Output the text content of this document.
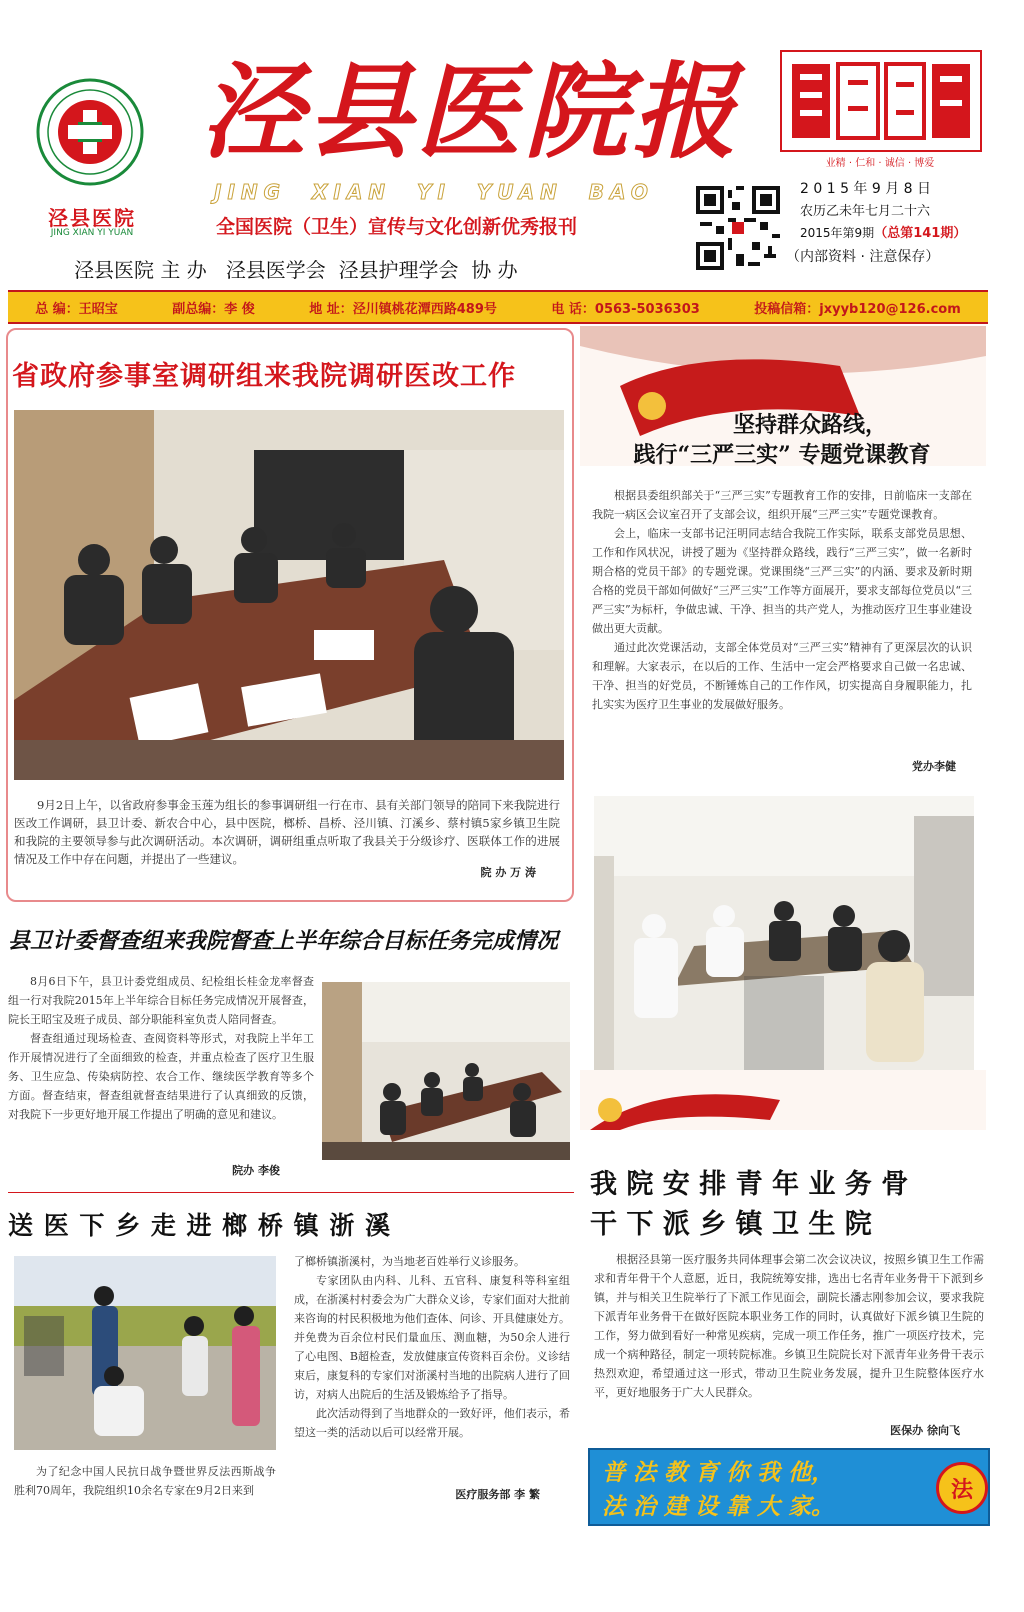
泾县医院
JING XIAN YI YUAN
泾县医院报
JING  XIAN  YI  YUAN  BAO
全国医院（卫生）宣传与文化创新优秀报刊
泾县医院 主 办   泾县医学会  泾县护理学会  协 办
业精 · 仁和 · 诚信 · 博爱
2 0 1 5 年 9 月 8 日
农历乙未年七月二十六
2015年第9期（总第141期）
（内部资料 · 注意保存）
总 编：王昭宝	副总编：李 俊	地 址：泾川镇桃花潭西路489号	电 话：0563-5036303	投稿信箱：jxyyb120@126.com
省政府参事室调研组来我院调研医改工作

9月2日上午，以省政府参事金玉莲为组长的参事调研组一行在市、县有关部门领导的陪同下来我院进行医改工作调研，县卫计委、新农合中心，县中医院，榔桥、昌桥、泾川镇、汀溪乡、蔡村镇5家乡镇卫生院和我院的主要领导参与此次调研活动。本次调研，调研组重点听取了我县关于分级诊疗、医联体工作的进展情况及工作中存在问题，并提出了一些建议。

院 办 万 涛
坚持群众路线，
践行“三严三实” 专题党课教育

根据县委组织部关于“三严三实”专题教育工作的安排，日前临床一支部在我院一病区会议室召开了支部会议，组织开展“三严三实”专题党课教育。

会上，临床一支部书记汪明同志结合我院工作实际，联系支部党员思想、工作和作风状况，讲授了题为《坚持群众路线，践行“三严三实”，做一名新时期合格的党员干部》的专题党课。党课围绕“三严三实”的内涵、要求及新时期合格的党员干部如何做好“三严三实”工作等方面展开，要求支部每位党员以“三严三实”为标杆，争做忠诚、干净、担当的共产党人，为推动医疗卫生事业建设做出更大贡献。

通过此次党课活动，支部全体党员对“三严三实”精神有了更深层次的认识和理解。大家表示，在以后的工作、生活中一定会严格要求自己做一名忠诚、干净、担当的好党员，不断锤炼自己的工作作风，切实提高自身履职能力，扎扎实实为医疗卫生事业的发展做好服务。

党办李健
县卫计委督查组来我院督查上半年综合目标任务完成情况

8月6日下午，县卫计委党组成员、纪检组长桂金龙率督查组一行对我院2015年上半年综合目标任务完成情况开展督查，院长王昭宝及班子成员、部分职能科室负责人陪同督查。

督查组通过现场检查、查阅资料等形式，对我院上半年工作开展情况进行了全面细致的检查，并重点检查了医疗卫生服务、卫生应急、传染病防控、农合工作、继续医学教育等多个方面。督查结束，督查组就督查结果进行了认真细致的反馈，对我院下一步更好地开展工作提出了明确的意见和建议。

院办 李俊
送 医 下 乡 走 进 榔 桥 镇 浙 溪

为了纪念中国人民抗日战争暨世界反法西斯战争胜利70周年，我院组织10余名专家在9月2日来到

了榔桥镇浙溪村，为当地老百姓举行义诊服务。

专家团队由内科、儿科、五官科、康复科等科室组成，在浙溪村村委会为广大群众义诊，专家们面对大批前来咨询的村民积极地为他们查体、问诊、开具健康处方。并免费为百余位村民们量血压、测血糖，为50余人进行了心电图、B超检查，发放健康宣传资料百余份。义诊结束后，康复科的专家们对浙溪村当地的出院病人进行了回访，对病人出院后的生活及锻炼给予了指导。

此次活动得到了当地群众的一致好评，他们表示，希望这一类的活动以后可以经常开展。

医疗服务部 李 繁
我 院 安 排 青 年 业 务 骨
干 下 派 乡 镇 卫 生 院

根据泾县第一医疗服务共同体理事会第二次会议决议，按照乡镇卫生工作需求和青年骨干个人意愿，近日，我院统筹安排，选出七名青年业务骨干下派到乡镇，并与相关卫生院举行了下派工作见面会，副院长潘志刚参加会议，要求我院下派青年业务骨干在做好医院本职业务工作的同时，认真做好下派乡镇卫生院的工作，努力做到看好一种常见疾病，完成一项工作任务，推广一项医疗技术，完成一个病种路径，制定一项转院标准。乡镇卫生院院长对下派青年业务骨干表示热烈欢迎，希望通过这一形式，带动卫生院业务发展，提升卫生院整体医疗水平，更好地服务于广大人民群众。

医保办 徐向飞
普 法 教 育 你 我 他，
法 治 建 设 靠 大 家。
法
